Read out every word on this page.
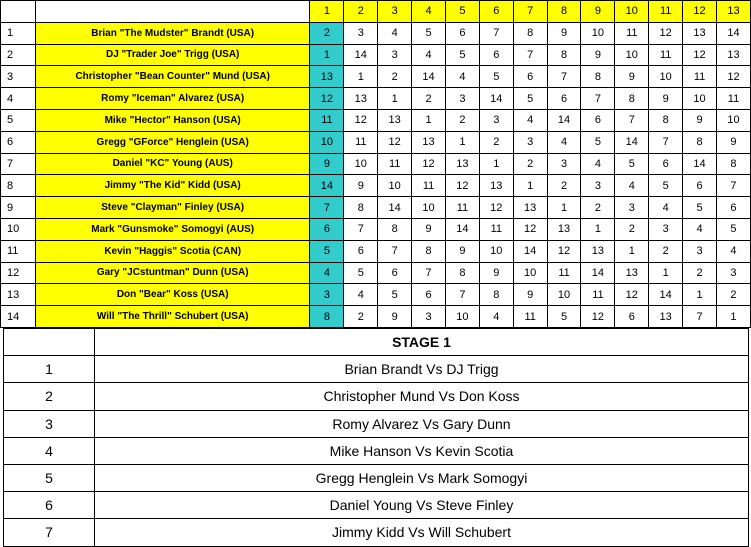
		1	2	3	4	5	6	7	8	9	10	11	12	13
1	Brian "The Mudster" Brandt (USA)	2	3	4	5	6	7	8	9	10	11	12	13	14
2	DJ "Trader Joe" Trigg (USA)	1	14	3	4	5	6	7	8	9	10	11	12	13
3	Christopher "Bean Counter" Mund (USA)	13	1	2	14	4	5	6	7	8	9	10	11	12
4	Romy "Iceman" Alvarez (USA)	12	13	1	2	3	14	5	6	7	8	9	10	11
5	Mike "Hector" Hanson (USA)	11	12	13	1	2	3	4	14	6	7	8	9	10
6	Gregg "GForce" Henglein (USA)	10	11	12	13	1	2	3	4	5	14	7	8	9
7	Daniel "KC" Young (AUS)	9	10	11	12	13	1	2	3	4	5	6	14	8
8	Jimmy "The Kid" Kidd (USA)	14	9	10	11	12	13	1	2	3	4	5	6	7
9	Steve "Clayman" Finley (USA)	7	8	14	10	11	12	13	1	2	3	4	5	6
10	Mark "Gunsmoke" Somogyi (AUS)	6	7	8	9	14	11	12	13	1	2	3	4	5
11	Kevin "Haggis" Scotia (CAN)	5	6	7	8	9	10	14	12	13	1	2	3	4
12	Gary "JCstuntman" Dunn (USA)	4	5	6	7	8	9	10	11	14	13	1	2	3
13	Don "Bear" Koss (USA)	3	4	5	6	7	8	9	10	11	12	14	1	2
14	Will "The Thrill" Schubert (USA)	8	2	9	3	10	4	11	5	12	6	13	7	1
	STAGE 1
1	Brian Brandt Vs DJ Trigg
2	Christopher Mund Vs Don Koss
3	Romy Alvarez Vs Gary Dunn
4	Mike Hanson Vs Kevin Scotia
5	Gregg Henglein Vs Mark Somogyi
6	Daniel Young Vs Steve Finley
7	Jimmy Kidd Vs Will Schubert
